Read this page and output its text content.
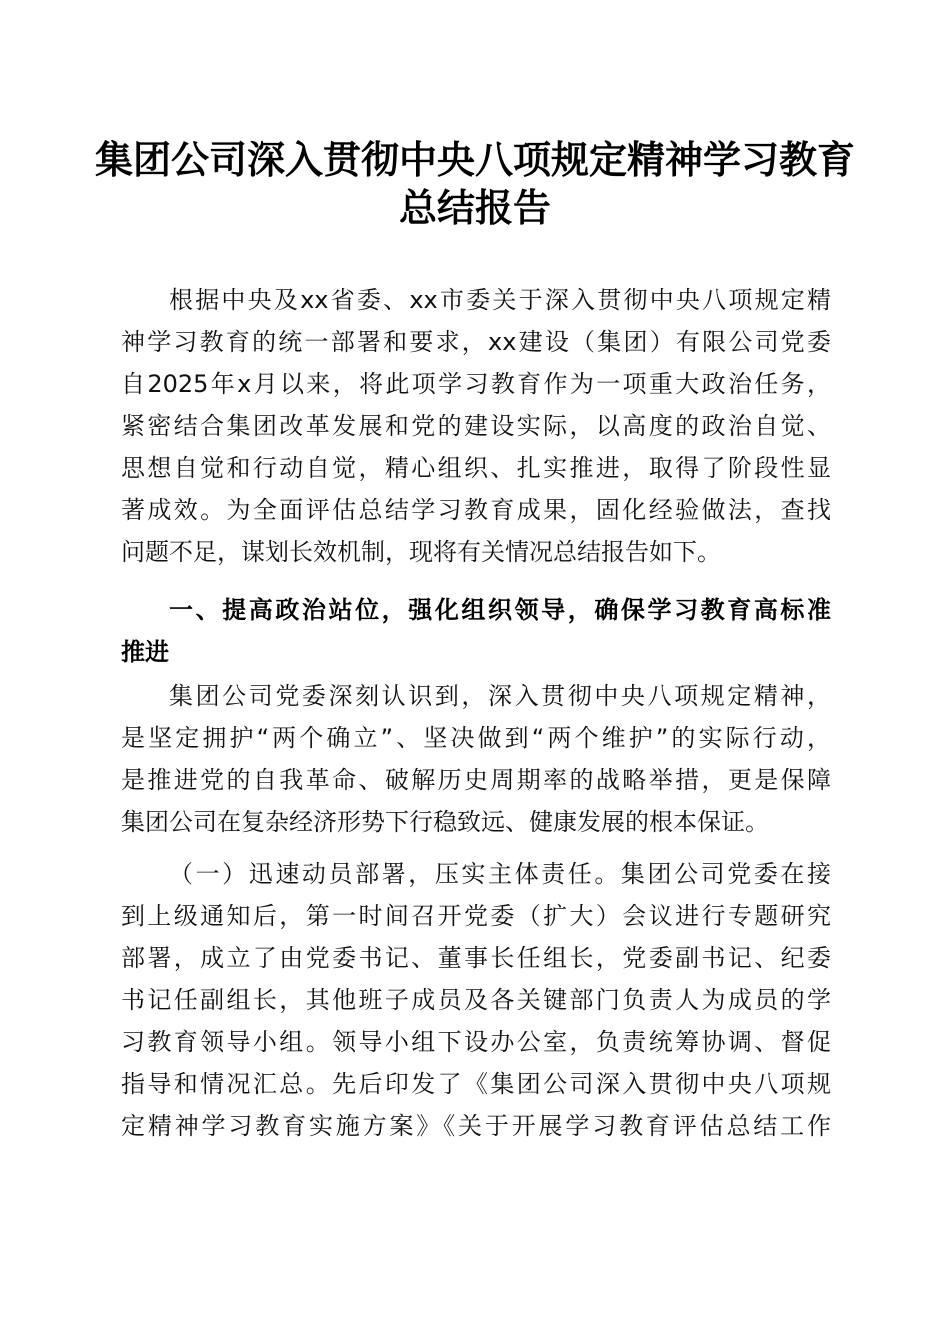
集团公司深入贯彻中央八项规定精神学习教育
总结报告
根据中央及xx省委、xx市委关于深入贯彻中央八项规定精
神学习教育的统一部署和要求，xx建设（集团）有限公司党委
自2025年x月以来，将此项学习教育作为一项重大政治任务，
紧密结合集团改革发展和党的建设实际，以高度的政治自觉、
思想自觉和行动自觉，精心组织、扎实推进，取得了阶段性显
著成效。为全面评估总结学习教育成果，固化经验做法，查找
问题不足，谋划长效机制，现将有关情况总结报告如下。
一、提高政治站位，强化组织领导，确保学习教育高标准
推进
集团公司党委深刻认识到，深入贯彻中央八项规定精神，
是坚定拥护“两个确立”、坚决做到“两个维护”的实际行动，
是推进党的自我革命、破解历史周期率的战略举措，更是保障
集团公司在复杂经济形势下行稳致远、健康发展的根本保证。
（一）迅速动员部署，压实主体责任。集团公司党委在接
到上级通知后，第一时间召开党委（扩大）会议进行专题研究
部署，成立了由党委书记、董事长任组长，党委副书记、纪委
书记任副组长，其他班子成员及各关键部门负责人为成员的学
习教育领导小组。领导小组下设办公室，负责统筹协调、督促
指导和情况汇总。先后印发了《集团公司深入贯彻中央八项规
定精神学习教育实施方案》《关于开展学习教育评估总结工作
